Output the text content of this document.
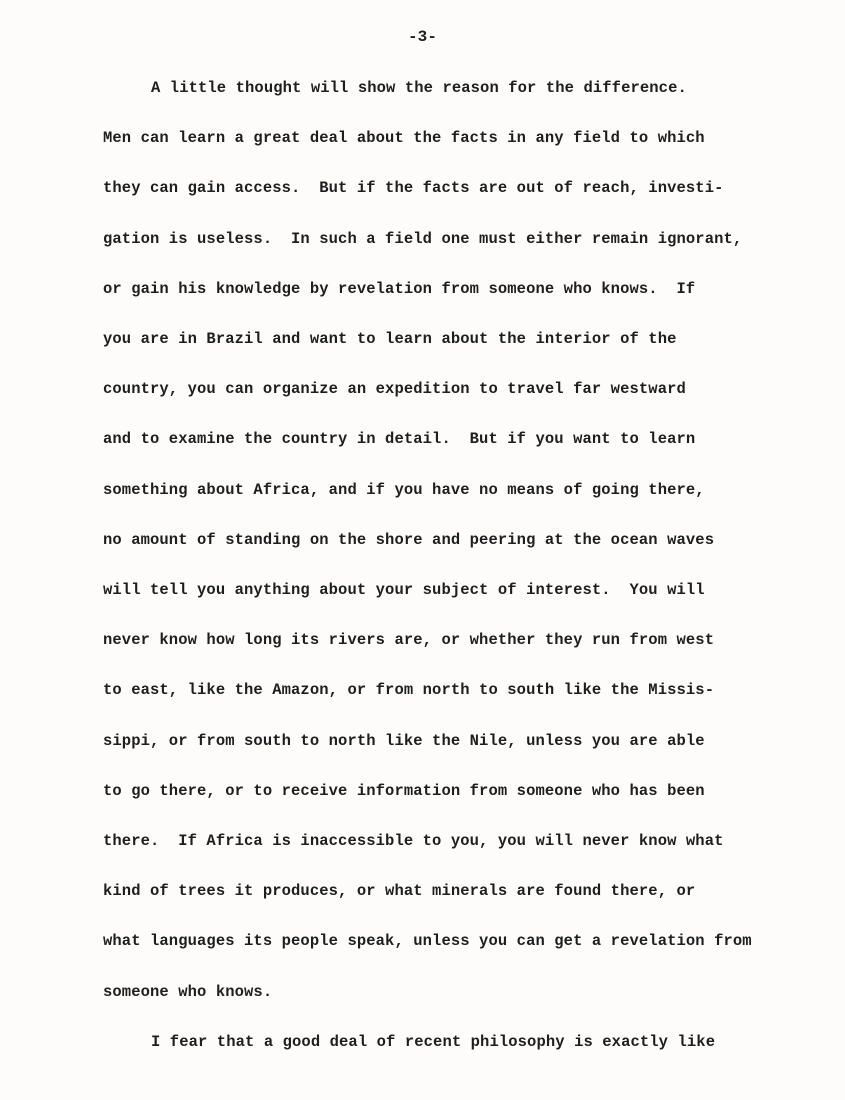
-3-
A little thought will show the reason for the difference.
Men can learn a great deal about the facts in any field to which
they can gain access.  But if the facts are out of reach, investi-
gation is useless.  In such a field one must either remain ignorant,
or gain his knowledge by revelation from someone who knows.  If
you are in Brazil and want to learn about the interior of the
country, you can organize an expedition to travel far westward
and to examine the country in detail.  But if you want to learn
something about Africa, and if you have no means of going there,
no amount of standing on the shore and peering at the ocean waves
will tell you anything about your subject of interest.  You will
never know how long its rivers are, or whether they run from west
to east, like the Amazon, or from north to south like the Missis-
sippi, or from south to north like the Nile, unless you are able
to go there, or to receive information from someone who has been
there.  If Africa is inaccessible to you, you will never know what
kind of trees it produces, or what minerals are found there, or
what languages its people speak, unless you can get a revelation from
someone who knows.
I fear that a good deal of recent philosophy is exactly like
